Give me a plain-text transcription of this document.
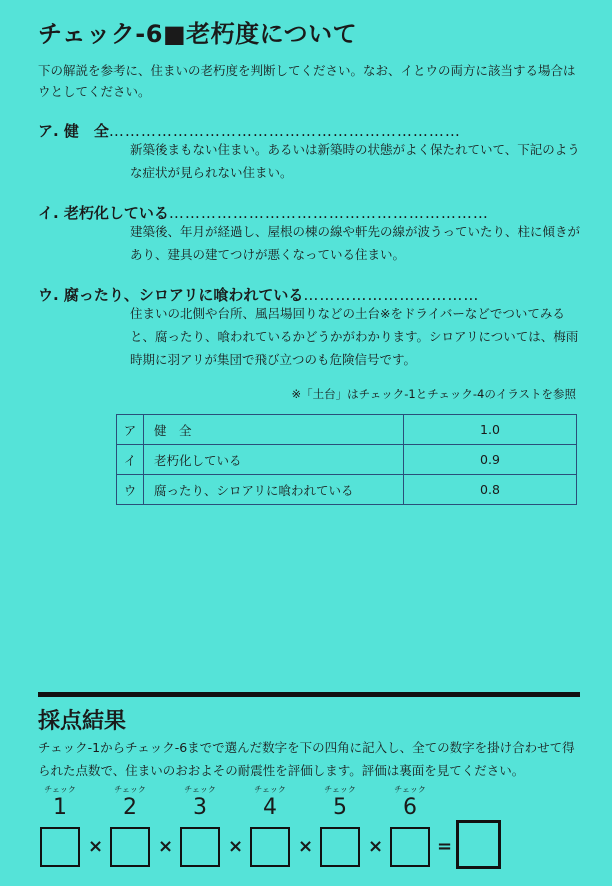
チェック-6■老朽度について
下の解説を参考に、住まいの老朽度を判断してください。なお、イとウの両方に該当する場合はウとしてください。
ア. 健　全…………………………………………………………
新築後まもない住まい。あるいは新築時の状態がよく保たれていて、下記のような症状が見られない住まい。
イ. 老朽化している……………………………………………………
建築後、年月が経過し、屋根の棟の線や軒先の線が波うっていたり、柱に傾きがあり、建具の建てつけが悪くなっている住まい。
ウ. 腐ったり、シロアリに喰われている……………………………
住まいの北側や台所、風呂場回りなどの土台※をドライバーなどでついてみると、腐ったり、喰われているかどうかがわかります。シロアリについては、梅雨時期に羽アリが集団で飛び立つのも危険信号です。
※「土台」はチェック-1とチェック-4のイラストを参照
ア	健　全	1.0
イ	老朽化している	0.9
ウ	腐ったり、シロアリに喰われている	0.8
採点結果
チェック-1からチェック-6までで選んだ数字を下の四角に記入し、全ての数字を掛け合わせて得られた点数で、住まいのおおよその耐震性を評価します。評価は裏面を見てください。
チェック
1
チェック
2
チェック
3
チェック
4
チェック
5
チェック
6
×	×	×	×	×	=
